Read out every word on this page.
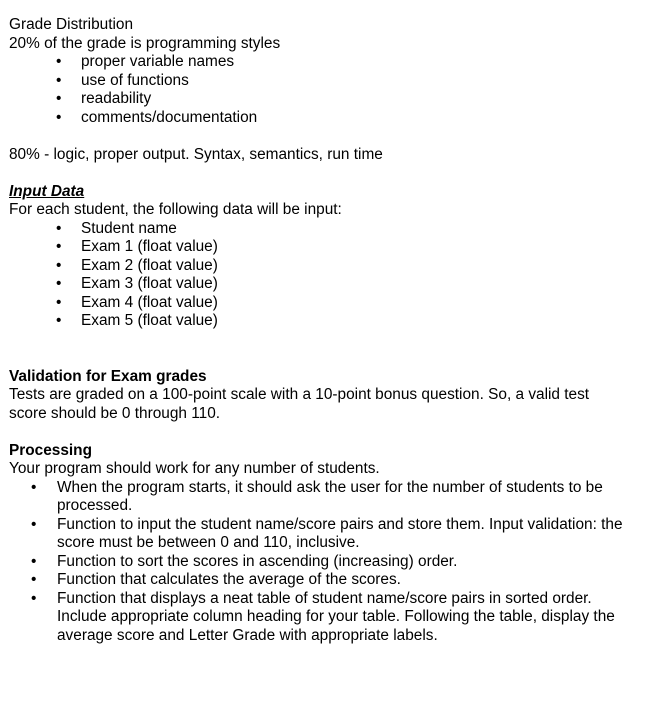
Grade Distribution
20% of the grade is programming styles
• proper variable names
• use of functions
• readability
• comments/documentation
80% - logic, proper output. Syntax, semantics, run time
Input Data
For each student, the following data will be input:
• Student name
• Exam 1 (float value)
• Exam 2 (float value)
• Exam 3 (float value)
• Exam 4 (float value)
• Exam 5 (float value)
Validation for Exam grades
Tests are graded on a 100-point scale with a 10-point bonus question. So, a valid test score should be 0 through 110.
Processing
Your program should work for any number of students.
• When the program starts, it should ask the user for the number of students to be processed.
• Function to input the student name/score pairs and store them. Input validation: the score must be between 0 and 110, inclusive.
• Function to sort the scores in ascending (increasing) order.
• Function that calculates the average of the scores.
• Function that displays a neat table of student name/score pairs in sorted order. Include appropriate column heading for your table. Following the table, display the average score and Letter Grade with appropriate labels.
